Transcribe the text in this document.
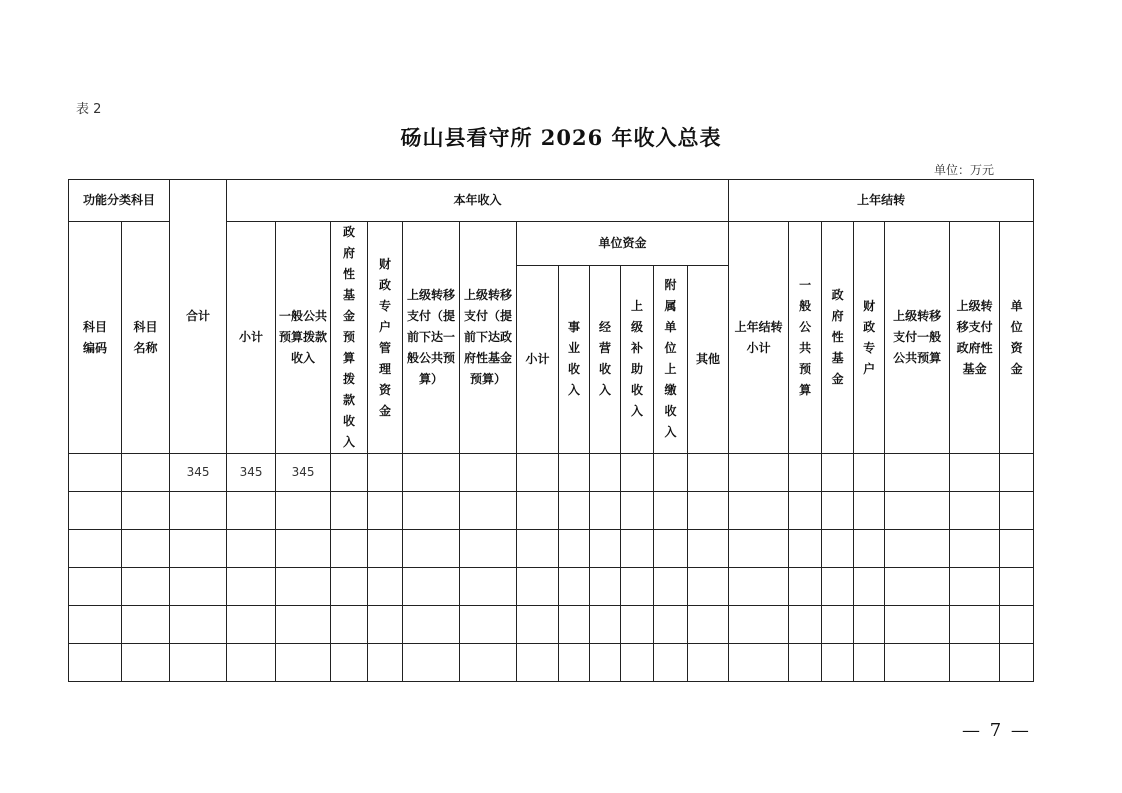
表 2
砀山县看守所 2026 年收入总表
单位：万元
功能分类科目		合计	本年收入												上年结转						

科目编码	科目名称		小计	一般公共预算拨款收入	政府性基金预算拨款收入	财政专户管理资金	上级转移支付（提前下达一般公共预算）	上级转移支付（提前下达政府性基金预算）	单位资金						上年结转小计	一般公共预算	政府性基金	财政专户	上级转移支付一般公共预算	上级转移支付政府性基金	单位资金

									小计	事业收入	经营收入	上级补助收入	附属单位上缴收入	其他							
		345	345	345																	

— 7 —
